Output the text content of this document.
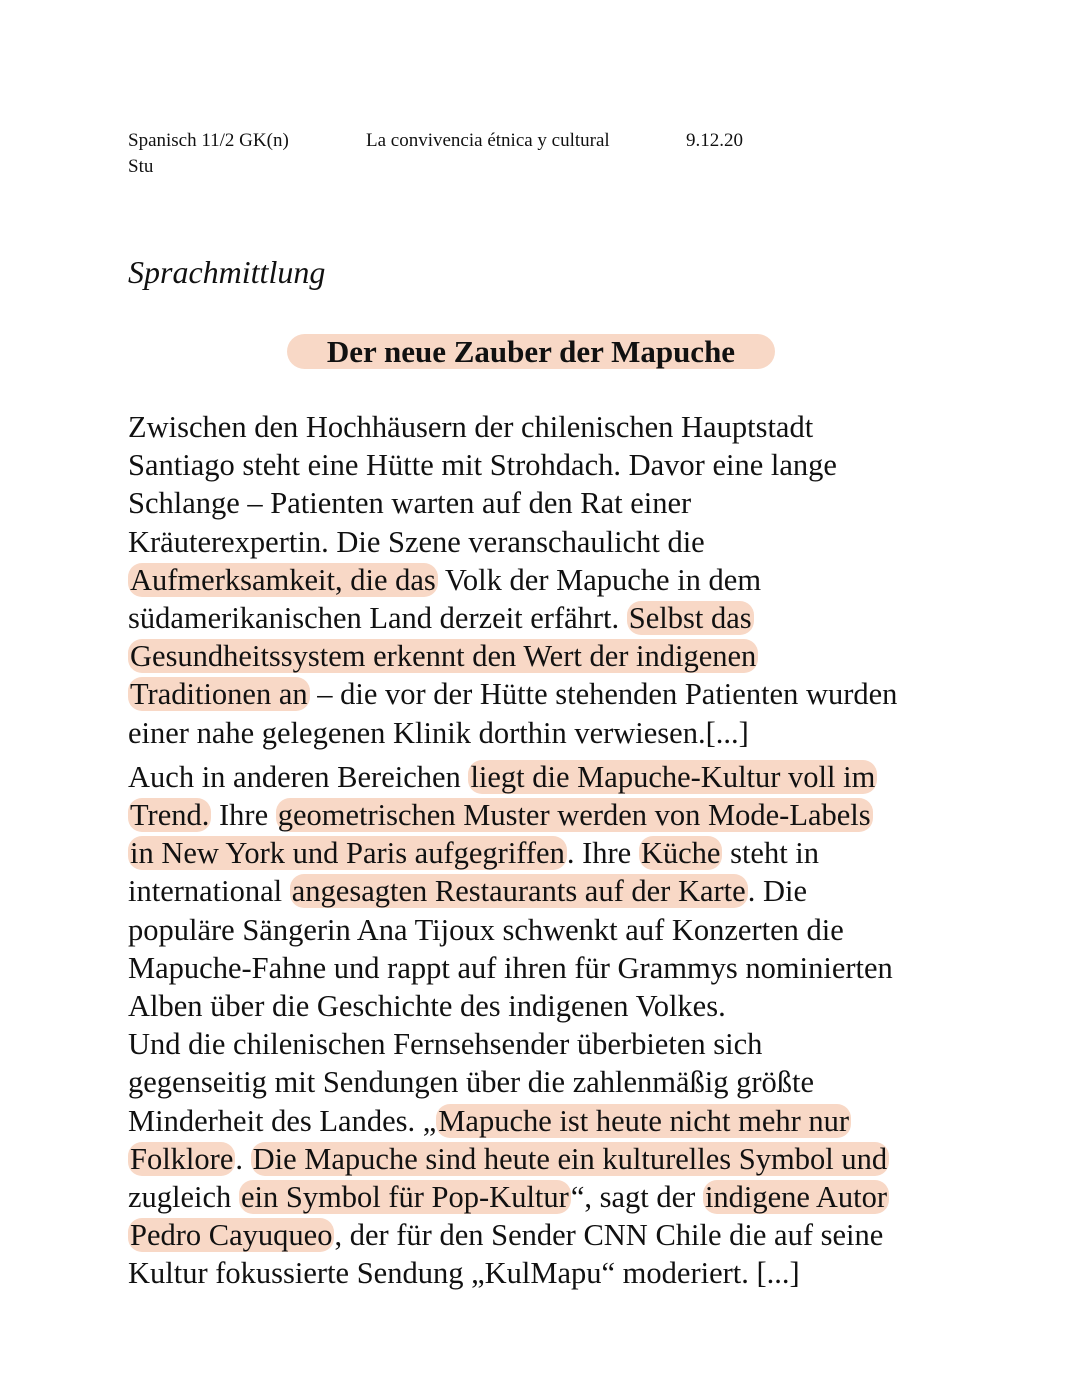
Spanisch 11/2 GK(n)
Stu
La convivencia étnica y cultural	9.12.20
Sprachmittlung
Der neue Zauber der Mapuche

Zwischen den Hochhäusern der chilenischen Hauptstadt
Santiago steht eine Hütte mit Strohdach. Davor eine lange
Schlange – Patienten warten auf den Rat einer
Kräuterexpertin. Die Szene veranschaulicht die
Aufmerksamkeit, die das Volk der Mapuche in dem
südamerikanischen Land derzeit erfährt. Selbst das
Gesundheitssystem erkennt den Wert der indigenen
Traditionen an – die vor der Hütte stehenden Patienten wurden
einer nahe gelegenen Klinik dorthin verwiesen.[...]

Auch in anderen Bereichen liegt die Mapuche-Kultur voll im
Trend. Ihre geometrischen Muster werden von Mode-Labels
in New York und Paris aufgegriffen. Ihre Küche steht in
international angesagten Restaurants auf der Karte. Die
populäre Sängerin Ana Tijoux schwenkt auf Konzerten die
Mapuche-Fahne und rappt auf ihren für Grammys nominierten
Alben über die Geschichte des indigenen Volkes.
Und die chilenischen Fernsehsender überbieten sich
gegenseitig mit Sendungen über die zahlenmäßig größte
Minderheit des Landes. „Mapuche ist heute nicht mehr nur
Folklore. Die Mapuche sind heute ein kulturelles Symbol und
zugleich ein Symbol für Pop-Kultur“, sagt der indigene Autor
Pedro Cayuqueo, der für den Sender CNN Chile die auf seine
Kultur fokussierte Sendung „KulMapu“ moderiert. [...]
